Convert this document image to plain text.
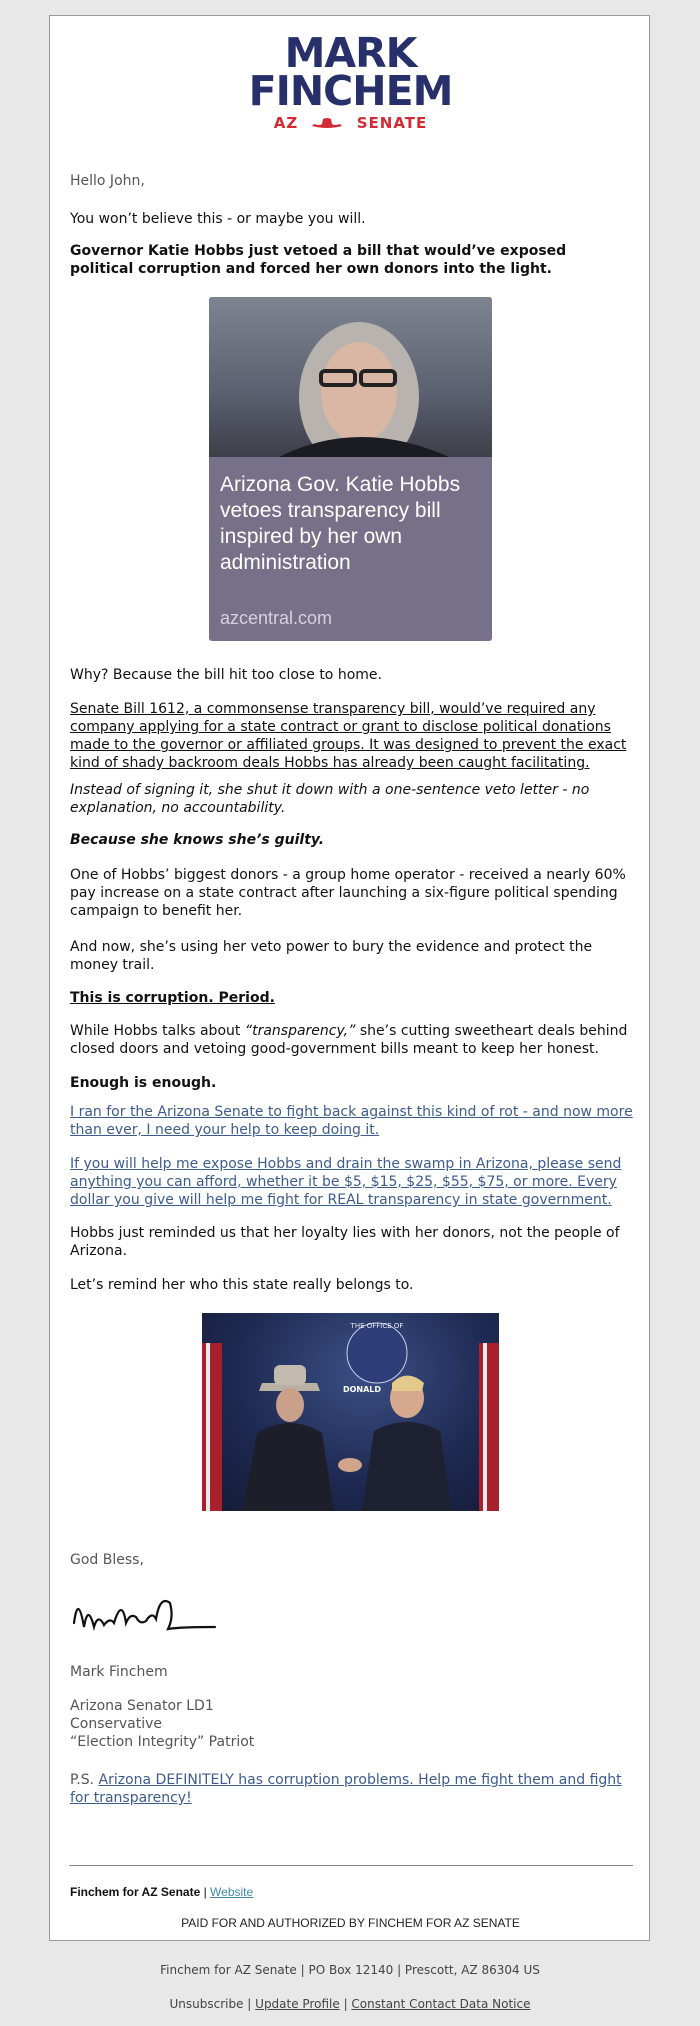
MARK
FINCHEM
AZ	SENATE

Hello John,

You won’t believe this - or maybe you will.

Governor Katie Hobbs just vetoed a bill that would’ve exposed political corruption and forced her own donors into the light.

Arizona Gov. Katie Hobbs vetoes transparency bill inspired by her own administration
azcentral.com

Why? Because the bill hit too close to home.

Senate Bill 1612, a commonsense transparency bill, would’ve required any company applying for a state contract or grant to disclose political donations made to the governor or affiliated groups. It was designed to prevent the exact kind of shady backroom deals Hobbs has already been caught facilitating.

Instead of signing it, she shut it down with a one-sentence veto letter - no explanation, no accountability.

Because she knows she’s guilty.

One of Hobbs’ biggest donors - a group home operator - received a nearly 60% pay increase on a state contract after launching a six-figure political spending campaign to benefit her.

And now, she’s using her veto power to bury the evidence and protect the money trail.

This is corruption. Period.

While Hobbs talks about “transparency,” she’s cutting sweetheart deals behind closed doors and vetoing good-government bills meant to keep her honest.

Enough is enough.

I ran for the Arizona Senate to fight back against this kind of rot - and now more than ever, I need your help to keep doing it.

If you will help me expose Hobbs and drain the swamp in Arizona, please send anything you can afford, whether it be $5, $15, $25, $55, $75, or more. Every dollar you give will help me fight for REAL transparency in state government.

Hobbs just reminded us that her loyalty lies with her donors, not the people of Arizona.

Let’s remind her who this state really belongs to.

THE OFFICE OF
DONALD

God Bless,

Mark Finchem

Arizona Senator LD1

Conservative

“Election Integrity” Patriot

P.S. Arizona DEFINITELY has corruption problems. Help me fight them and fight for transparency!

Finchem for AZ Senate | Website
PAID FOR AND AUTHORIZED BY FINCHEM FOR AZ SENATE
Finchem for AZ Senate | PO Box 12140 | Prescott, AZ 86304 US
Unsubscribe | Update Profile | Constant Contact Data Notice
